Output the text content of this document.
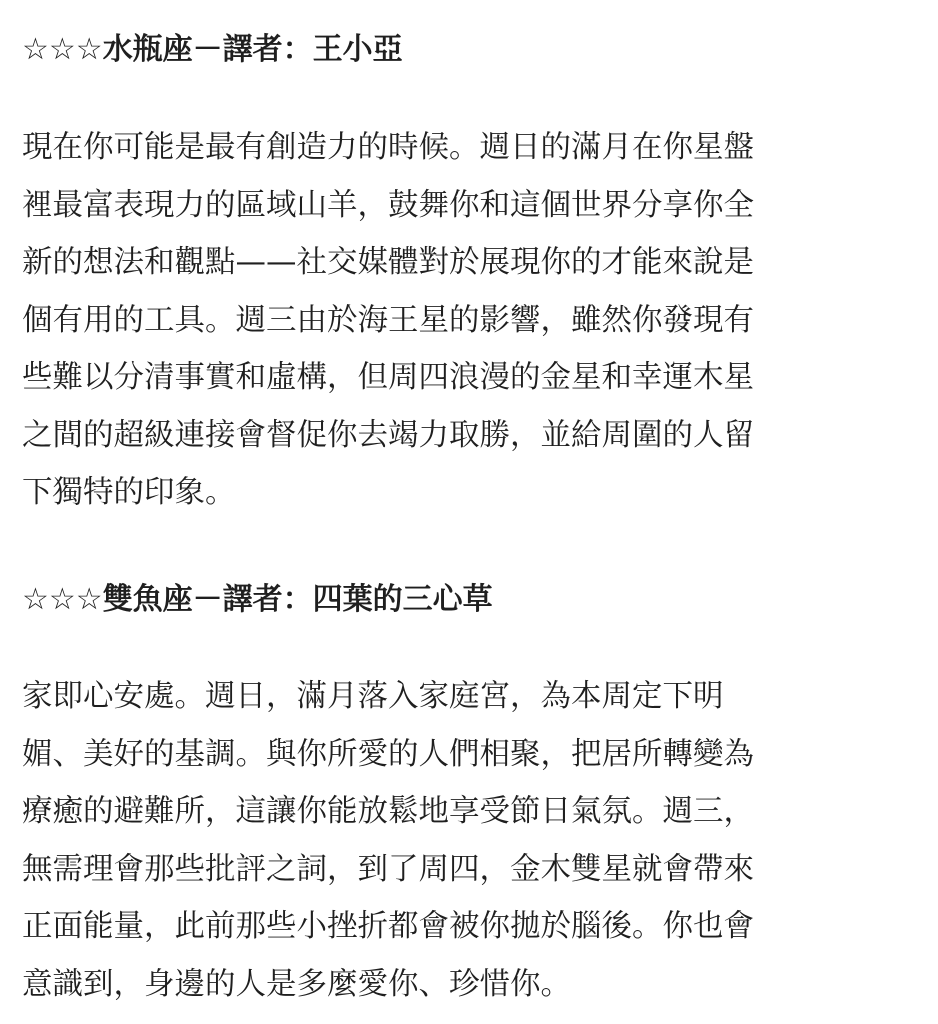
☆☆☆水瓶座－譯者：王小亞
現在你可能是最有創造力的時候。週日的滿月在你星盤
裡最富表現力的區域山羊，鼓舞你和這個世界分享你全
新的想法和觀點——社交媒體對於展現你的才能來說是
個有用的工具。週三由於海王星的影響，雖然你發現有
些難以分清事實和虛構，但周四浪漫的金星和幸運木星
之間的超級連接會督促你去竭力取勝，並給周圍的人留
下獨特的印象。
☆☆☆雙魚座－譯者：四葉的三心草
家即心安處。週日，滿月落入家庭宮，為本周定下明
媚、美好的基調。與你所愛的人們相聚，把居所轉變為
療癒的避難所，這讓你能放鬆地享受節日氣氛。週三，
無需理會那些批評之詞，到了周四，金木雙星就會帶來
正面能量，此前那些小挫折都會被你拋於腦後。你也會
意識到，身邊的人是多麼愛你、珍惜你。
